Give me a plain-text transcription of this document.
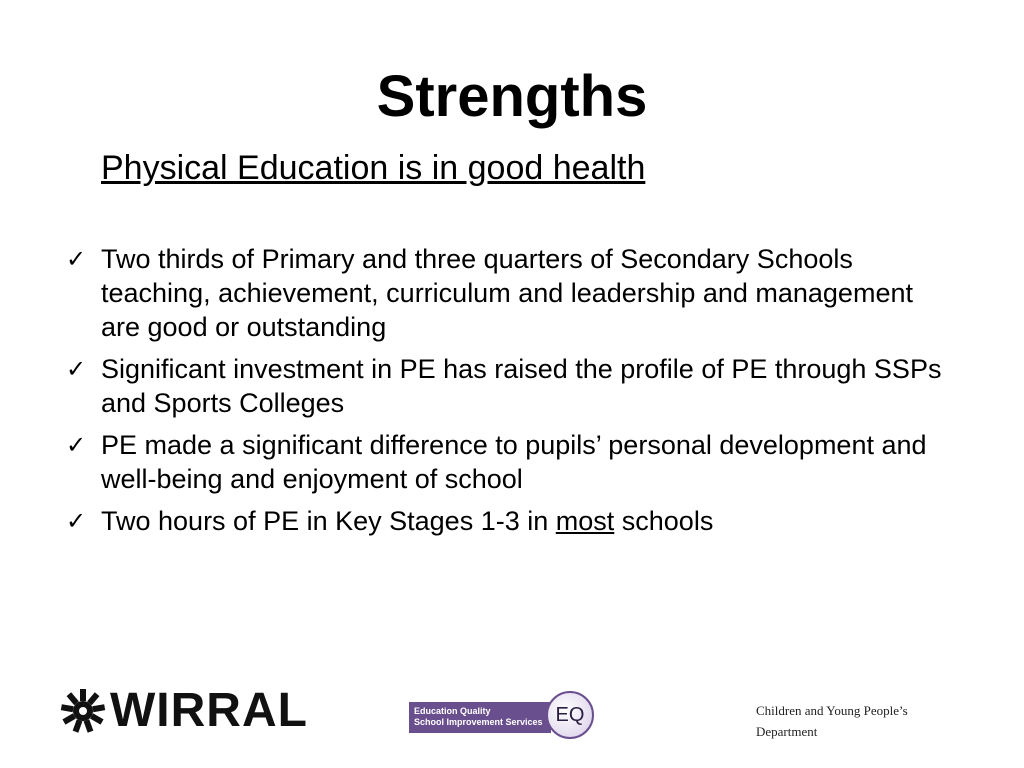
Strengths
Physical Education is in good health
✓ Two thirds of Primary and three quarters of Secondary Schools teaching, achievement, curriculum and leadership and management are good or outstanding
✓ Significant investment in PE has raised the profile of PE through SSPs and Sports Colleges
✓ PE made a significant difference to pupils’ personal development and well-being and enjoyment of school
✓ Two hours of PE in Key Stages 1-3 in most schools
WIRRAL	Education Quality
School Improvement Services EQ	Children and Young People’s Department
